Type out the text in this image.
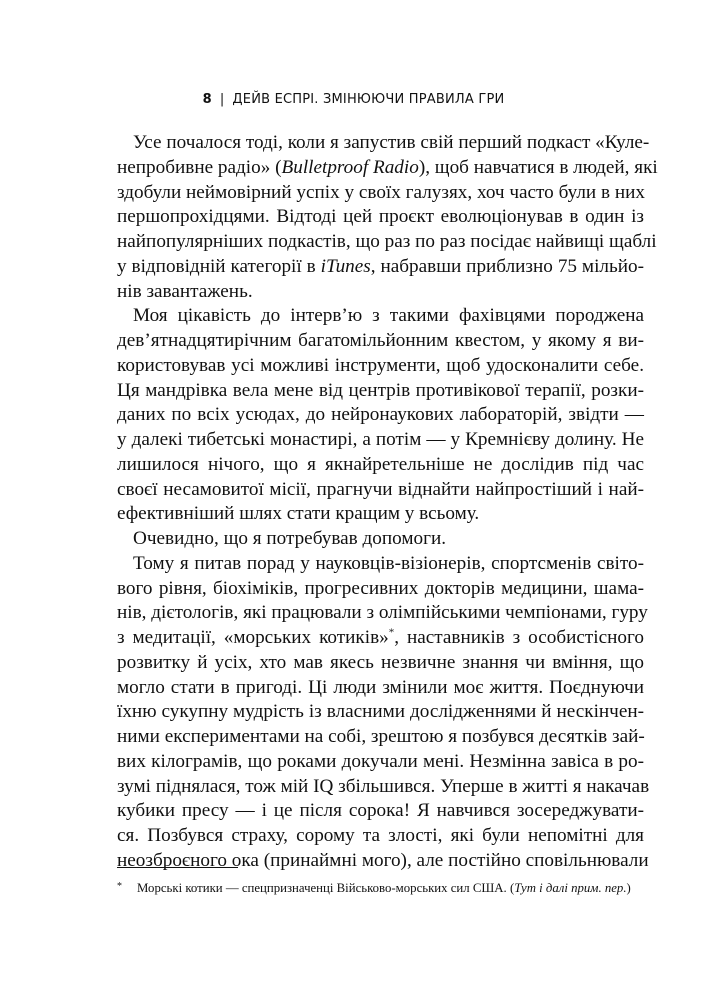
8 | ДЕЙВ ЕСПРІ. ЗМІНЮЮЧИ ПРАВИЛА ГРИ
Усе почалося тоді, коли я запустив свій перший подкаст «Куле-
непробивне радіо» (Bulletproof Radio), щоб навчатися в людей, які
здобули неймовірний успіх у своїх галузях, хоч часто були в них
першопрохідцями. Відтоді цей проєкт еволюціонував в один із
найпопулярніших подкастів, що раз по раз посідає найвищі щаблі
у відповідній категорії в iTunes, набравши приблизно 75 мільйо-
нів завантажень.
Моя цікавість до інтерв’ю з такими фахівцями породжена
дев’ятнадцятирічним багатомільйонним квестом, у якому я ви-
користовував усі можливі інструменти, щоб удосконалити себе.
Ця мандрівка вела мене від центрів противікової терапії, розки-
даних по всіх усюдах, до нейронаукових лабораторій, звідти —
у далекі тибетські монастирі, а потім — у Кремнієву долину. Не
лишилося нічого, що я якнайретельніше не дослідив під час
своєї несамовитої місії, прагнучи віднайти найпростіший і най-
ефективніший шлях стати кращим у всьому.
Очевидно, що я потребував допомоги.
Тому я питав порад у науковців-візіонерів, спортсменів світо-
вого рівня, біохіміків, прогресивних докторів медицини, шама-
нів, дієтологів, які працювали з олімпійськими чемпіонами, гуру
з медитації, «морських котиків»*, наставників з особистісного
розвитку й усіх, хто мав якесь незвичне знання чи вміння, що
могло стати в пригоді. Ці люди змінили моє життя. Поєднуючи
їхню сукупну мудрість із власними дослідженнями й нескінчен-
ними експериментами на собі, зрештою я позбувся десятків зай-
вих кілограмів, що роками докучали мені. Незмінна завіса в ро-
зумі піднялася, тож мій IQ збільшився. Уперше в житті я накачав
кубики пресу — і це після сорока! Я навчився зосереджувати-
ся. Позбувся страху, сорому та злості, які були непомітні для
неозброєного ока (принаймні мого), але постійно сповільнювали
* Морські котики — спецпризначенці Військово-морських сил США. (Тут і далі прим. пер.)
